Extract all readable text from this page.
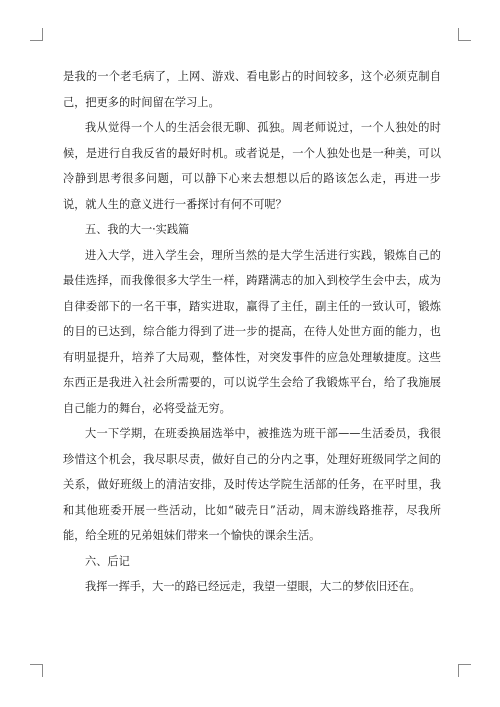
是我的一个老毛病了，上网、游戏、看电影占的时间较多，这个必须克制自己，把更多的时间留在学习上。

我从觉得一个人的生活会很无聊、孤独。周老师说过，一个人独处的时候，是进行自我反省的最好时机。或者说是，一个人独处也是一种美，可以冷静到思考很多问题，可以静下心来去想想以后的路该怎么走，再进一步说，就人生的意义进行一番探讨有何不可呢？

五、我的大一·实践篇

进入大学，进入学生会，理所当然的是大学生活进行实践，锻炼自己的最佳选择，而我像很多大学生一样，踌躇满志的加入到校学生会中去，成为自律委部下的一名干事，踏实进取，赢得了主任，副主任的一致认可，锻炼的目的已达到，综合能力得到了进一步的提高，在待人处世方面的能力，也有明显提升，培养了大局观，整体性，对突发事件的应急处理敏捷度。这些东西正是我进入社会所需要的，可以说学生会给了我锻炼平台，给了我施展自己能力的舞台，必将受益无穷。

大一下学期，在班委换届选举中，被推选为班干部——生活委员，我很珍惜这个机会，我尽职尽责，做好自己的分内之事，处理好班级同学之间的关系，做好班级上的清洁安排，及时传达学院生活部的任务，在平时里，我和其他班委开展一些活动，比如“破壳日”活动，周末游线路推荐，尽我所能，给全班的兄弟姐妹们带来一个愉快的课余生活。

六、后记

我挥一挥手，大一的路已经远走，我望一望眼，大二的梦依旧还在。
